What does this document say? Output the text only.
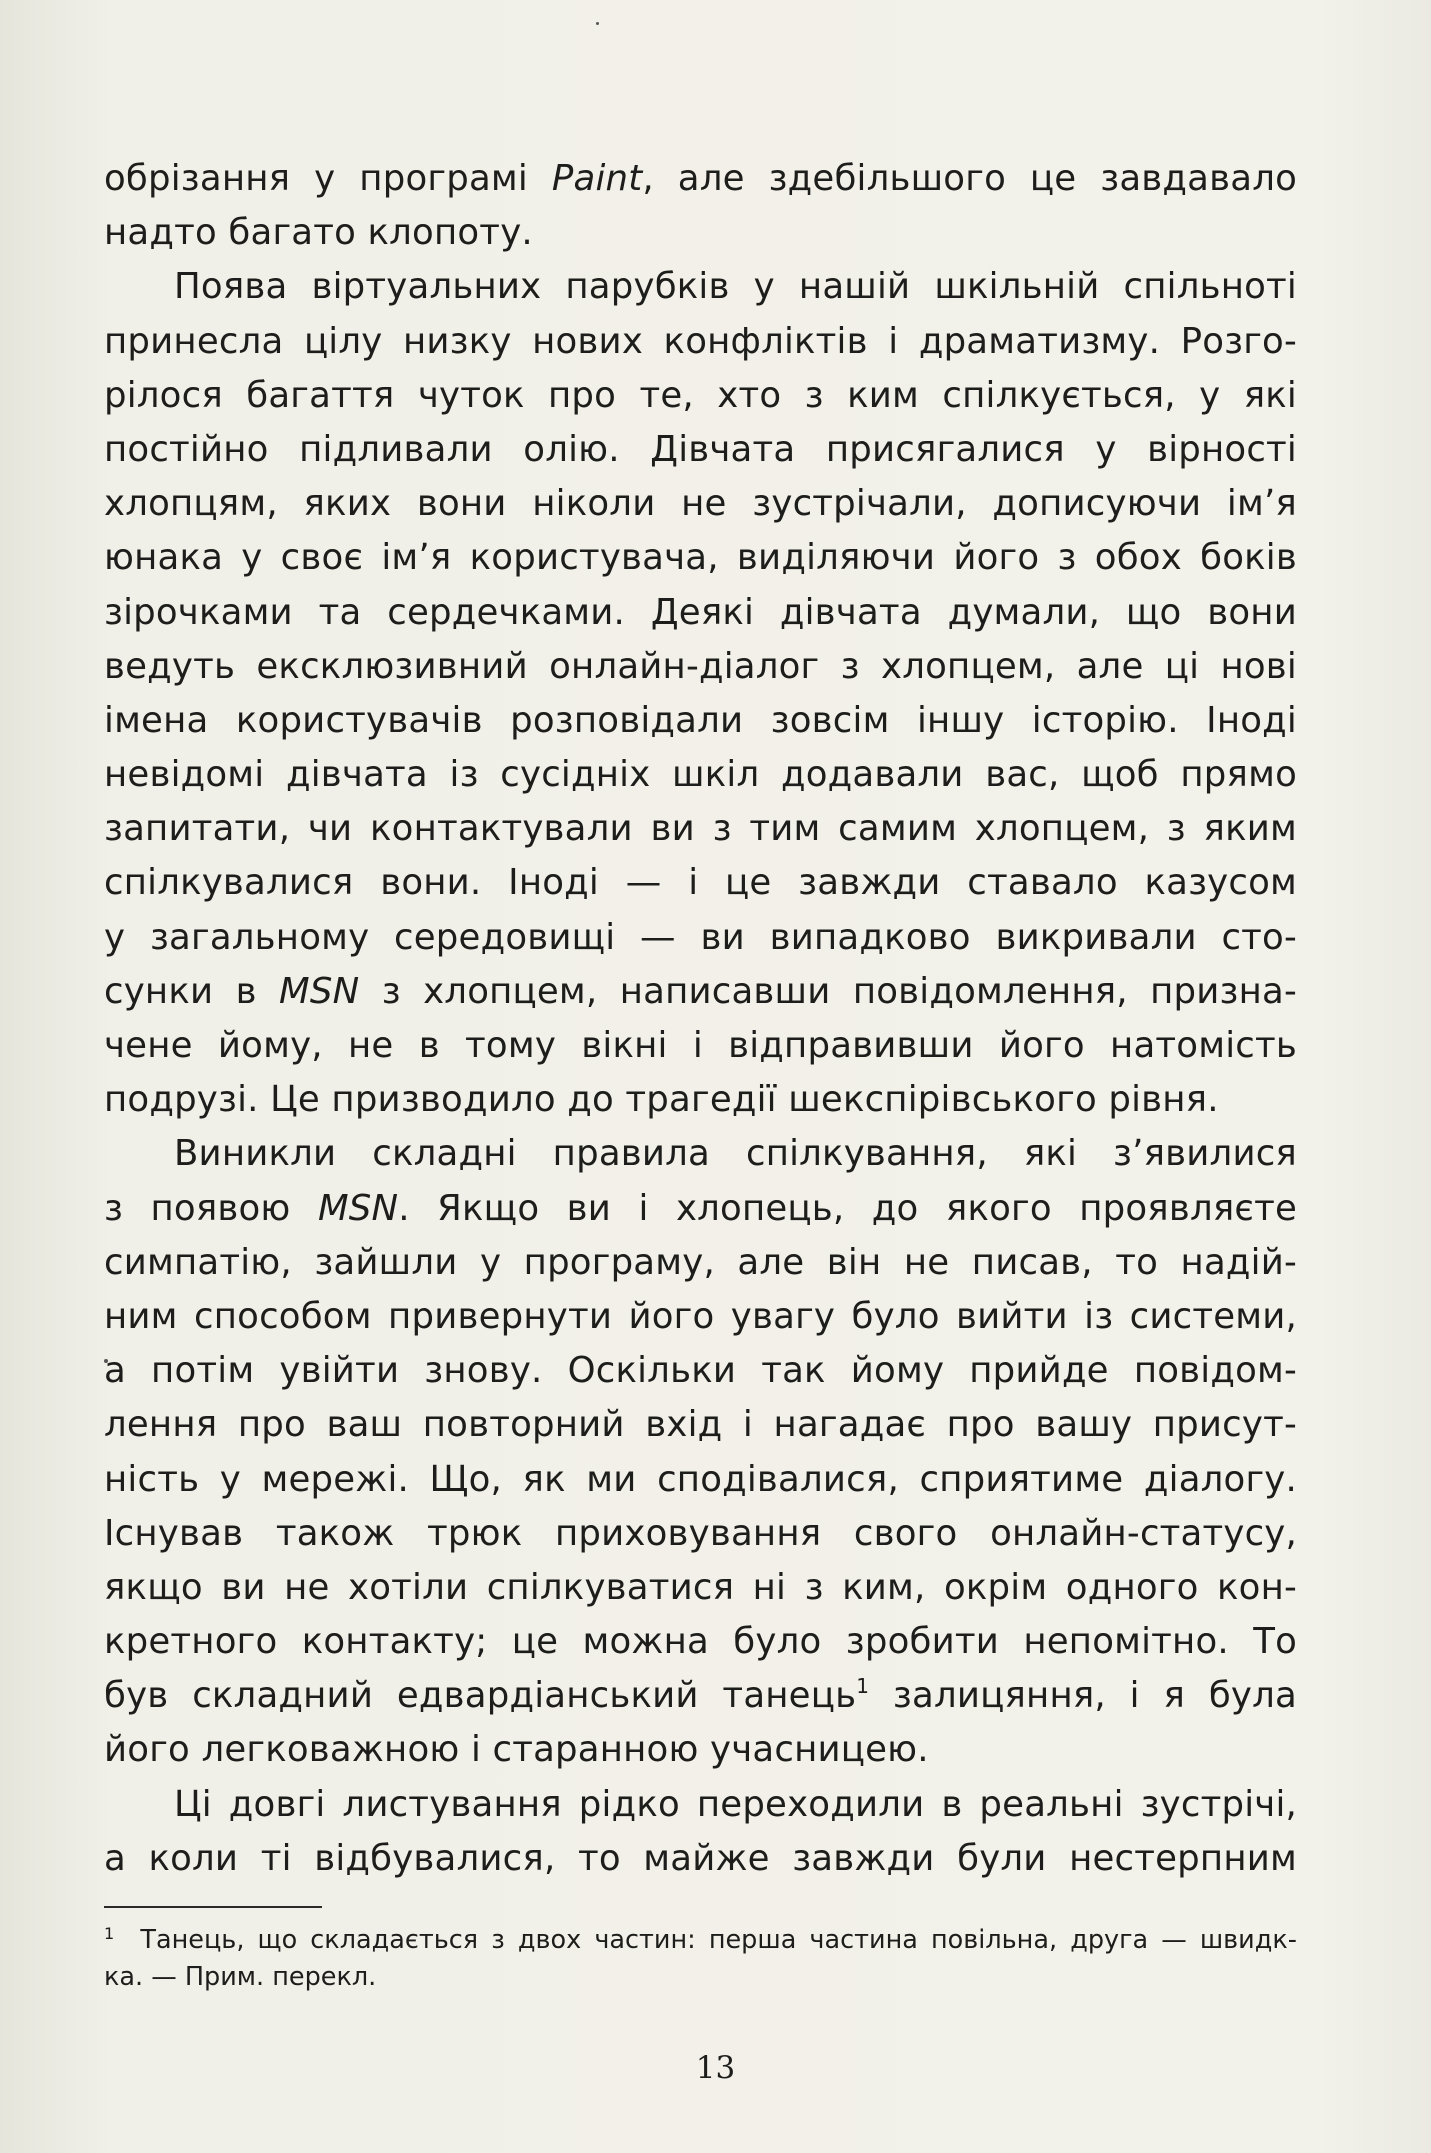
обрізання у програмі Paint, але здебільшого це завдавало
надто багато клопоту.
Поява віртуальних парубків у нашій шкільній спільноті
принесла цілу низку нових конфліктів і драматизму. Розго-
рілося багаття чуток про те, хто з ким спілкується, у які
постійно підливали олію. Дівчата присягалися у вірності
хлопцям, яких вони ніколи не зустрічали, дописуючи ім’я
юнака у своє ім’я користувача, виділяючи його з обох боків
зірочками та сердечками. Деякі дівчата думали, що вони
ведуть ексклюзивний онлайн-діалог з хлопцем, але ці нові
імена користувачів розповідали зовсім іншу історію. Іноді
невідомі дівчата із сусідніх шкіл додавали вас, щоб прямо
запитати, чи контактували ви з тим самим хлопцем, з яким
спілкувалися вони. Іноді — і це завжди ставало казусом
у загальному середовищі — ви випадково викривали сто-
сунки в MSN з хлопцем, написавши повідомлення, призна-
чене йому, не в тому вікні і відправивши його натомість
подрузі. Це призводило до трагедії шекспірівського рівня.
Виникли складні правила спілкування, які з’явилися
з появою MSN. Якщо ви і хлопець, до якого проявляєте
симпатію, зайшли у програму, але він не писав, то надій-
ним способом привернути його увагу було вийти із системи,
а потім увійти знову. Оскільки так йому прийде повідом-
лення про ваш повторний вхід і нагадає про вашу присут-
ність у мережі. Що, як ми сподівалися, сприятиме діалогу.
Існував також трюк приховування свого онлайн-статусу,
якщо ви не хотіли спілкуватися ні з ким, окрім одного кон-
кретного контакту; це можна було зробити непомітно. То
був складний едвардіанський танець$^1$ залицяння, і я була
його легковажною і старанною учасницею.
Ці довгі листування рідко переходили в реальні зустрічі,
а коли ті відбувалися, то майже завжди були нестерпним
$^1$ Танець, що складається з двох частин: перша частина повільна, друга — швидк-
ка. — Прим. перекл.
13
